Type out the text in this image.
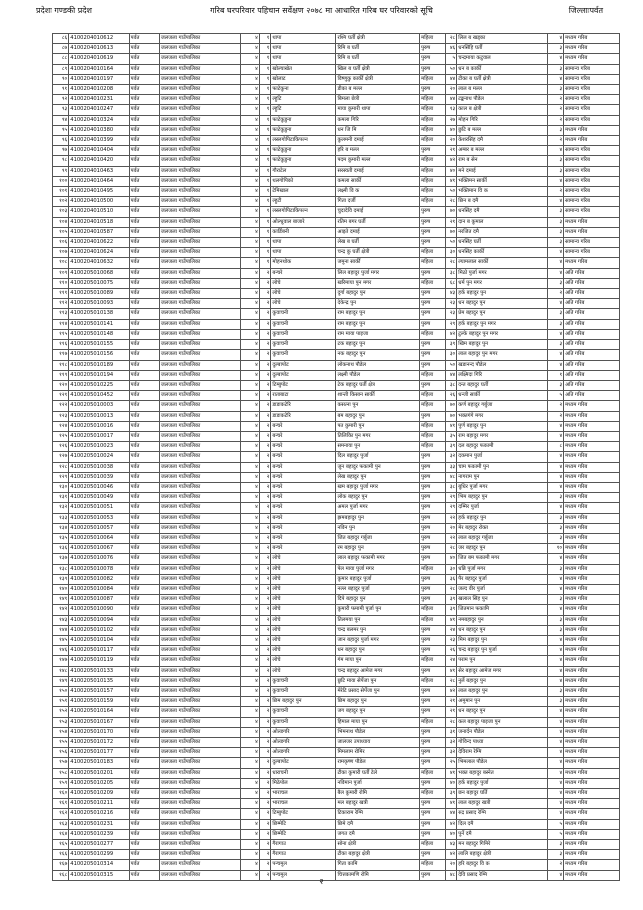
प्रदेशः गण्डकी प्रदेश	गरिब घरपरिवार पहिचान सर्वेक्षण २०७८ मा आधारित गरिब घर परिवारको सूचि	जिल्लाःपर्वत
८६	4100204010612	पर्वत	जलजला गाउँपालिका	४	१	थापा	रश्मि घर्ती क्षेत्री	महिला	२८	लिल ब खड्का	४	मध्यम गरिब
८७	4100204010613	पर्वत	जलजला गाउँपालिका	४	१	थापा	रिमि ब घर्ती	पुरुष	४६	धनसिंहि घर्ती	३	मध्यम गरिब
८८	4100204010619	पर्वत	जलजला गाउँपालिका	४	१	थापा	रिमि ब घर्ती	पुरुष	५	चन्द्रमाया कटुवाल	४	मध्यम गरिब
८९	4100204010164	पर्वत	जलजला गाउँपालिका	४	१	खोल्याखेत	खिल ब घर्ती क्षेत्री	पुरुष	५०	धन ब कार्की	३	सामान्य गरिब
९०	4100204010197	पर्वत	जलजला गाउँपालिका	४	१	खोलाट	विष्णुकु कार्की क्षेत्री	महिला	४४	टीका ब घर्ती क्षेत्री	४	सामान्य गरिब
९१	4100204010208	पर्वत	जलजला गाउँपालिका	४	१	फाटेकुना	डीका ब मल्ल	पुरुष	२०	लाल ब मल्ल	३	सामान्य गरिब
९२	4100204010231	पर्वत	जलजला गाउँपालिका	४	१	ल्हुटि	बिमला छेत्री	महिला	४४	टङ्कनाथ पौडेल	२	सामान्य गरिब
९३	4100204010247	पर्वत	जलजला गाउँपालिका	४	१	ल्हुटि	माया कुमारी थापा	महिला	१३	काल ब क्षेत्री	२	सामान्य गरिब
९४	4100204010324	पर्वत	जलजला गाउँपालिका	४	१	फाटेकुडुना	कमला गिरि	महिला	२७	मोहन गिरि	२	सामान्य गरिब
९५	4100204010380	पर्वत	जलजला गाउँपालिका	४	१	फाटेकुडुना	धन जि मि	महिला	४०	छुटि ब मल्ल	३	मध्यम गरिब
९६	4100204010399	पर्वत	जलजला गाउँपालिका	४	१	लस्लगोपिटाकिपल्न	कुलमनी दमाई	महिला	२०	केशरसिंह दमै	२	मध्यम गरिब
९७	4100204010404	पर्वत	जलजला गाउँपालिका	४	१	फाटेकुडुना	हरि ब मल्ल	पुरुष	२१	अम्बर ब मल्ल	४	सामान्य गरिब
९८	4100204010420	पर्वत	जलजला गाउँपालिका	४	१	फाटेकुडुना	पदम कुमारी मल्ल	महिला	४२	राम ब सेन	३	सामान्य गरिब
९९	4100204010463	पर्वत	जलजला गाउँपालिका	४	१	गौराटेल	सरस्वती दमाई	महिला	४०	मने दमाई	३	सामान्य गरिब
१००	4100204010464	पर्वत	जलजला गाउँपालिका	४	१	थलगोपिको	कमला सार्की	महिला	४१	भक्तिमन सार्की	४	सामान्य गरिब
१०१	4100204010495	पर्वत	जलजला गाउँपालिका	४	१	टेमिखाल	लक्ष्मी वि क	महिला	५०	भक्तिमान वि क	२	सामान्य गरिब
१०२	4100204010500	पर्वत	जलजला गाउँपालिका	४	१	ल्हुटी	गिता दर्जी	महिला	२८	छिन ब दमै	४	सामान्य गरिब
१०३	4100204010510	पर्वत	जलजला गाउँपालिका	४	१	लस्लगोपिटाकिपल्न	चुदादेवि दमाई	पुरुष	७०	धनसिंह दमै	३	सामान्य गरिब
१०४	4100204010518	पर्वत	जलजला गाउँपालिका	४	१	ओल्धुवाल बाजारे	रतिम बगर घर्ती	पुरुष	२१	दान ब कुमाल	३	मध्यम गरिब
१०५	4100204010587	पर्वत	जलजला गाउँपालिका	४	१	कार्डिबनी	आइते दमाई	पुरुष	७०	नरजित दमै	३	मध्यम गरिब
१०६	4100204010622	पर्वत	जलजला गाउँपालिका	४	१	थापा	लेख ब घर्ती	पुरुष	५०	धनसिंह घर्ती	३	सामान्य गरिब
१०७	4100204010624	पर्वत	जलजला गाउँपालिका	४	१	थापा	चन्द्र कु घर्ती क्षेत्री	महिला	३०	धनसिंह कार्की	४	सामान्य गरिब
१०८	4100204010632	पर्वत	जलजला गाउँपालिका	४	१	मोहनथोक	जमुना सार्की	महिला	२८	ल्यामलाल सार्की	४	मध्यम गरिब
१०९	4100205010068	पर्वत	जलजला गाउँपालिका	४	२	बन्चरे	लिल बहादुर पुर्जा मगर	पुरुष	३८	मिठो पुर्जा मगर	४	अति गरिब
११०	4100205010075	पर्वत	जलजला गाउँपालिका	४	२	लोचे	खरिमाया पुन मगर	महिला	६८	धर्म पुन मगर	३	अति गरिब
१११	4100205010089	पर्वत	जलजला गाउँपालिका	४	२	लोचे	दुर्गा बहादुर पुन	पुरुष	४३	हर्क बहादुर पुन	२	अति गरिब
११२	4100205010093	पर्वत	जलजला गाउँपालिका	४	२	लोचे	देकेन्द्र पुन	पुरुष	२३	धन बहादुर पुन	४	अति गरिब
११३	4100205010138	पर्वत	जलजला गाउँपालिका	४	२	कुवाचनी	राम बहादुर पुन	पुरुष	२३	प्रेम बहादुर पुन	३	अति गरिब
११४	4100205010141	पर्वत	जलजला गाउँपालिका	४	२	कुवाचनी	राम बहादुर पुन	पुरुष	२९	हर्क बहादुर पुन मगर	३	अति गरिब
११५	4100205010148	पर्वत	जलजला गाउँपालिका	४	२	कुवाचनी	राम माया पाइजा	महिला	४२	टुल्के बहादुर पुन मगर	४	अति गरिब
११६	4100205010155	पर्वत	जलजला गाउँपालिका	४	२	कुवाचनी	टक बहादुर पुन	पुरुष	३९	खिम बहादुर पुन	३	अति गरिब
११७	4100205010156	पर्वत	जलजला गाउँपालिका	४	२	कुवाचनी	नक बहादुर पुन	पुरुष	३०	लाल बहादुर पुन मगर	४	अति गरिब
११८	4100205010189	पर्वत	जलजला गाउँपालिका	४	२	दुल्बापोट	लोकनाथ पौडेल	पुरुष	५०	खडानन्द पौडेल	४	अति गरिब
११९	4100205010194	पर्वत	जलजला गाउँपालिका	४	२	दुल्बापोट	लक्ष्मी पौडेल	महिला	४४	लक्ष्मिदा गिरि	१	अति गरिब
१२०	4100205010225	पर्वत	जलजला गाउँपालिका	४	२	टिम्बुपोट	टेक बहादुर घर्ती क्षेत्र	पुरुष	३८	दन्त बहादुर घर्ती	३	अति गरिब
१२१	4100205010452	पर्वत	जलजला गाउँपालिका	४	२	राताबाटा	शान्ती किसान सार्की	महिला	२६	धन्जी सार्की	५	अति गरिब
१२२	4100205010003	पर्वत	जलजला गाउँपालिका	४	२	डाडाकटेरि	कसत्ना पुन	महिला	७०	कर्ण बहादुर गर्बुजा	२	मध्यम गरिब
१२३	4100205010013	पर्वत	जलजला गाउँपालिका	४	२	डाडाकटेरि	बम बहादुर पुन	पुरुष	७०	भक्तगंगे मगर	२	मध्यम गरिब
१२४	4100205010016	पर्वत	जलजला गाउँपालिका	४	२	बन्चरे	पत कुमारी पुन	महिला	४१	पुर्ण बहादुर पुन	४	मध्यम गरिब
१२५	4100205010017	पर्वत	जलजला गाउँपालिका	४	२	बन्चरे	तिलिकिा पुन मगर	महिला	३५	राम बहादुर मगर	४	मध्यम गरिब
१२६	4100205010023	पर्वत	जलजला गाउँपालिका	४	२	बन्चरे	समनाया पुन	महिला	३९	दल बहादुर फकामी	८	मध्यम गरिब
१२७	4100205010024	पर्वत	जलजला गाउँपालिका	४	२	बन्चरे	दिल बहादुर पुर्जा	पुरुष	३२	दकमान पुर्जा	४	मध्यम गरिब
१२८	4100205010038	पर्वत	जलजला गाउँपालिका	४	२	बन्चरे	जुन बहादुर फकामी पुन	पुरुष	३३	चाम फकामी पुन	४	मध्यम गरिब
१२९	4100205010039	पर्वत	जलजला गाउँपालिका	४	२	बन्चरे	लेख बहादुर पुन	पुरुष	४८	नागराम पुन	४	मध्यम गरिब
१३०	4100205010046	पर्वत	जलजला गाउँपालिका	४	२	बन्चरे	खम बहादुर पुर्जा मगर	पुरुष	३८	बुधिर पुर्जा मगर	४	मध्यम गरिब
१३१	4100205010049	पर्वत	जलजला गाउँपालिका	४	२	बन्चरे	लोक बहादुर पुन	पुरुष	२९	भिम बहादुर पुन	३	मध्यम गरिब
१३२	4100205010051	पर्वत	जलजला गाउँपालिका	४	२	बन्चरे	अमल पुर्जा मगर	पुरुष	२९	दम्मिर पुर्जा	४	मध्यम गरिब
१३३	4100205010053	पर्वत	जलजला गाउँपालिका	४	२	बन्चरे	झमबहादुर पुन	पुरुष	२२	हर्क बहादुर पुन	३	मध्यम गरिब
१३४	4100205010057	पर्वत	जलजला गाउँपालिका	४	२	बन्चरे	नविन पुन	पुरुष	२०	मेर बहादुर रोक्त	३	मध्यम गरिब
१३५	4100205010064	पर्वत	जलजला गाउँपालिका	४	२	बन्चरे	जित बहादुर गर्बुजा	पुरुष	२२	लाल बहादुर गर्बुजा	३	मध्यम गरिब
१३६	4100205010067	पर्वत	जलजला गाउँपालिका	४	२	बन्चरे	रम बहादुर पुन	पुरुष	२८	जर बहादुर पुन	१०	मध्यम गरिब
१३७	4100205010076	पर्वत	जलजला गाउँपालिका	४	२	लोचे	लाल बहादुर फकामी मगर	पुरुष	४०	जित बम फकामी मगर	४	मध्यम गरिब
१३८	4100205010078	पर्वत	जलजला गाउँपालिका	४	२	लोचे	पेल माया पुर्जा मगर	महिला	३०	धन्नि पुर्जा मगर	३	मध्यम गरिब
१३९	4100205010082	पर्वत	जलजला गाउँपालिका	४	२	लोचे	कुमार बहादुर पुर्जा	पुरुष	३६	पैर बहादुर पुर्जा	४	मध्यम गरिब
१४०	4100205010084	पर्वत	जलजला गाउँपालिका	४	२	लोचे	नल्ल बहादुर पुर्जा	पुरुष	२८	जल्द वीर पुर्जा	४	मध्यम गरिब
१४१	4100205010087	पर्वत	जलजला गाउँपालिका	४	२	लोचे	दिपे बहादुर पुन	पुरुष	३९	खलाल सिंह पुन	३	मध्यम गरिब
१४२	4100205010090	पर्वत	जलजला गाउँपालिका	४	२	लोचे	कुमारी फमामी पुर्जा पुन	महिला	३९	जितमान फकामि	४	मध्यम गरिब
१४३	4100205010094	पर्वत	जलजला गाउँपालिका	४	२	लोचे	तिलमया पुन	महिला	४१	नमबहादुर पुन	३	मध्यम गरिब
१४४	4100205010102	पर्वत	जलजला गाउँपालिका	४	२	लोचे	चन्द्र बलमर पुन	पुरुष	२४	धन बहादुर पुन	३	मध्यम गरिब
१४५	4100205010104	पर्वत	जलजला गाउँपालिका	४	२	लोचे	जान बहादुर पुर्जा मगर	पुरुष	२३	मिम बहादुर पुन	४	मध्यम गरिब
१४६	4100205010117	पर्वत	जलजला गाउँपालिका	४	२	लोचे	धन बहादुर पुन	पुरुष	२६	चन्द्र बहादुर पुन पुर्जा	४	मध्यम गरिब
१४७	4100205010119	पर्वत	जलजला गाउँपालिका	४	२	लोचे	गंम माया पुन	महिला	२४	पराम पुन	४	मध्यम गरिब
१४८	4100205010133	पर्वत	जलजला गाउँपालिका	४	२	लोचे	चन्द्र बहादुर आमेज मगर	पुरुष	४१	सेर बहादुर आमेज मगर	४	मध्यम गरिब
१४९	4100205010135	पर्वत	जलजला गाउँपालिका	४	२	कुवाचनी	छुटि माया सेर्पेजा पुन	महिला	२८	नुर्ले बहादुर पुन	४	मध्यम गरिब
१५०	4100205010157	पर्वत	जलजला गाउँपालिका	४	२	कुवाचनी	मेरेटि प्रसाद सेर्पेजा पुन	पुरुष	४२	लाल बहादुर पुन	३	मध्यम गरिब
१५१	4100205010159	पर्वत	जलजला गाउँपालिका	४	२	छिम बहादुर पुन	छिम बहादुर पुन	पुरुष	२१	अमुमान पुन	३	मध्यम गरिब
१५२	4100205010164	पर्वत	जलजला गाउँपालिका	४	२	कुवाचनी	जग बहादुर पुन	पुरुष	२१	धन बहादुर पुन	४	मध्यम गरिब
१५३	4100205010167	पर्वत	जलजला गाउँपालिका	४	२	कुवाचनी	हिमाल माया पुन	महिला	२८	कल बहादुर पाइजा पुन	४	मध्यम गरिब
१५४	4100205010170	पर्वत	जलजला गाउँपालिका	४	२	ओल्डगरि	भिमनाथ पौडेल	पुरुष	३१	जनार्दन पौडेल	४	मध्यम गरिब
१५५	4100205010172	पर्वत	जलजला गाउँपालिका	४	२	ओल्डगरि	जालजर उपाध्याय	पुरुष	३२	गोविन्द पाध्या	४	मध्यम गरिब
१५६	4100205010177	पर्वत	जलजला गाउँपालिका	४	२	ओल्डगरि	मिमलाम रोमिर	पुरुष	३२	देविराम रेग्मि	४	मध्यम गरिब
१५७	4100205010183	पर्वत	जलजला गाउँपालिका	४	२	दुल्बापोट	रामकृष्ण पौडेल	पुरुष	२५	भिमलाल पौडेल	४	मध्यम गरिब
१५८	4100205010201	पर्वत	जलजला गाउँपालिका	४	२	धाराचनी	टीका कुमारी घर्ती टेले	महिला	४१	भक्त बहादुर बस्नेत	४	मध्यम गरिब
१५९	4100205010205	पर्वत	जलजला गाउँपालिका	४	२	मिठेपोल	नविमान पुर्जा	पुरुष	४०	हर्क बहादुर पुर्जा	४	मध्यम गरिब
१६०	4100205010209	पर्वत	जलजला गाउँपालिका	४	२	भाराचल	बैल कुमारी रोमि	महिला	३९	छन बहादुर घर्ति	४	मध्यम गरिब
१६१	4100205010211	पर्वत	जलजला गाउँपालिका	४	२	भाराचल	मल बहादुर खत्री	पुरुष	४१	लाल बहादुर खत्री	४	मध्यम गरिब
१६२	4100205010216	पर्वत	जलजला गाउँपालिका	४	२	टिम्बुपोट	टिकाराम रेग्मि	पुरुष	४४	रुद्र प्रसाद रेग्मि	४	मध्यम गरिब
१६३	4100205010231	पर्वत	जलजला गाउँपालिका	४	२	छिम्मेटि	छिमे दमै	पुरुष	४२	दिल दमै	५	मध्यम गरिब
१६४	4100205010239	पर्वत	जलजला गाउँपालिका	४	२	छिम्मेटि	जगत दमै	पुरुष	४०	पुर्ने दमै	५	मध्यम गरिब
१६५	4100205010277	पर्वत	जलजला गाउँपालिका	४	२	गैरागाउ	सोना क्षेत्री	महिला	४३	मन बहादुर गिमिरे	३	मध्यम गरिब
१६६	4100205010299	पर्वत	जलजला गाउँपालिका	४	२	गैरागाउ	टीका बहादुर क्षेत्री	पुरुष	४२	लालि बहादुर क्षेत्री	३	मध्यम गरिब
१६७	4100205010314	पर्वत	जलजला गाउँपालिका	४	२	पन्चमुल	गिता कामि	महिला	२०	हरि बहादुर वि क	२	मध्यम गरिब
१६८	4100205010315	पर्वत	जलजला गाउँपालिका	४	२	पन्चमुल	चित्तकामणि रोमि	पुरुष	४८	देवि प्रसाद रेग्मि	४	मध्यम गरिब
२
